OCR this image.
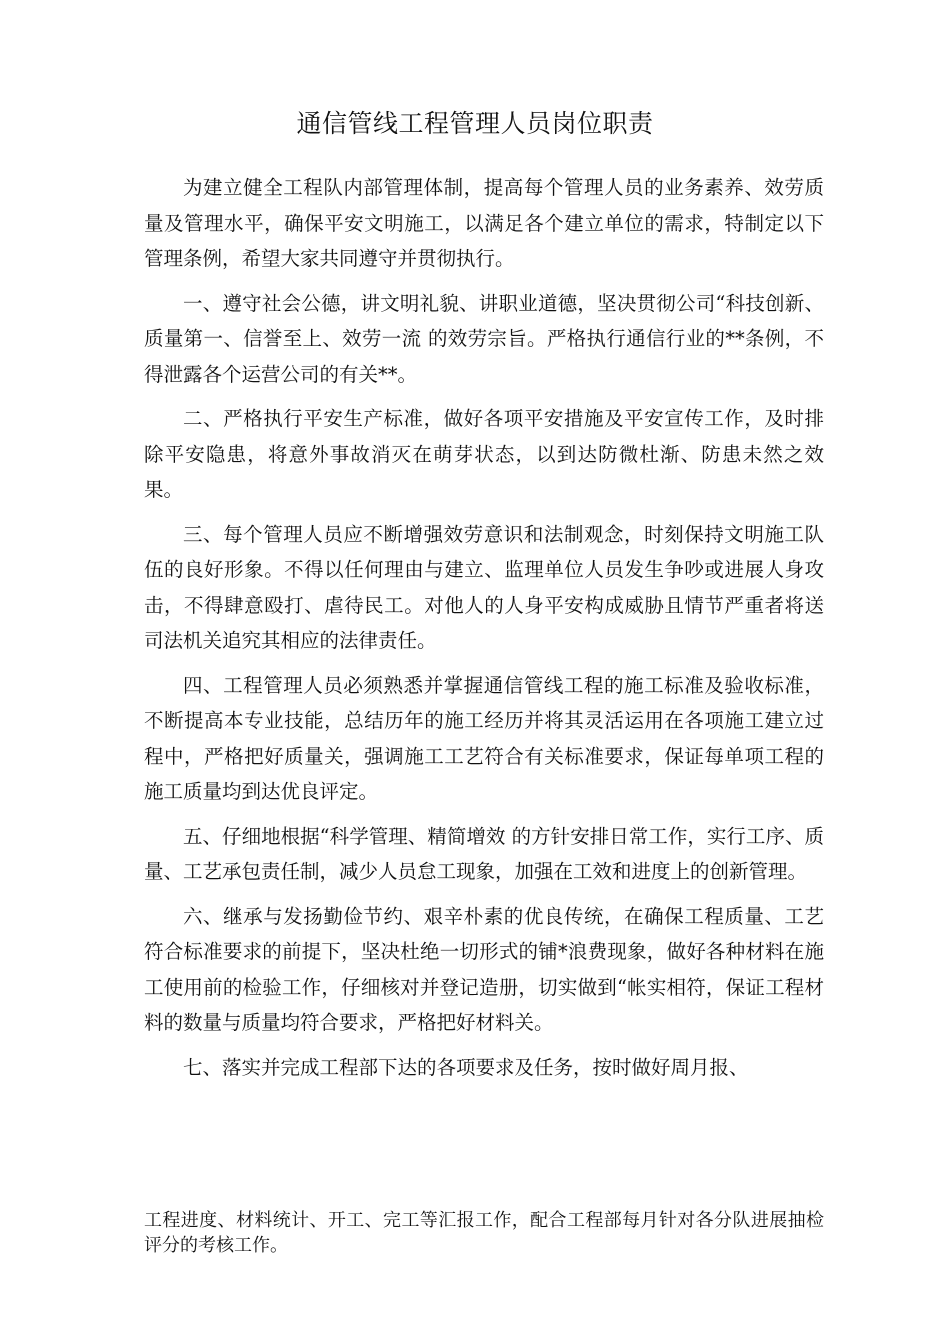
通信管线工程管理人员岗位职责

为建立健全工程队内部管理体制，提高每个管理人员的业务素养、效劳质量及管理水平，确保平安文明施工，以满足各个建立单位的需求，特制定以下管理条例，希望大家共同遵守并贯彻执行。

一、遵守社会公德，讲文明礼貌、讲职业道德，坚决贯彻公司“科技创新、质量第一、信誉至上、效劳一流 的效劳宗旨。严格执行通信行业的**条例，不得泄露各个运营公司的有关**。

二、严格执行平安生产标准，做好各项平安措施及平安宣传工作，及时排除平安隐患，将意外事故消灭在萌芽状态，以到达防微杜渐、防患未然之效果。

三、每个管理人员应不断增强效劳意识和法制观念，时刻保持文明施工队伍的良好形象。不得以任何理由与建立、监理单位人员发生争吵或进展人身攻击，不得肆意殴打、虐待民工。对他人的人身平安构成威胁且情节严重者将送司法机关追究其相应的法律责任。

四、工程管理人员必须熟悉并掌握通信管线工程的施工标准及验收标准，不断提高本专业技能，总结历年的施工经历并将其灵活运用在各项施工建立过程中，严格把好质量关，强调施工工艺符合有关标准要求，保证每单项工程的施工质量均到达优良评定。

五、仔细地根据“科学管理、精简增效 的方针安排日常工作，实行工序、质量、工艺承包责任制，减少人员怠工现象，加强在工效和进度上的创新管理。

六、继承与发扬勤俭节约、艰辛朴素的优良传统，在确保工程质量、工艺符合标准要求的前提下，坚决杜绝一切形式的铺*浪费现象，做好各种材料在施工使用前的检验工作，仔细核对并登记造册，切实做到“帐实相符，保证工程材料的数量与质量均符合要求，严格把好材料关。

七、落实并完成工程部下达的各项要求及任务，按时做好周月报、

工程进度、材料统计、开工、完工等汇报工作，配合工程部每月针对各分队进展抽检评分的考核工作。
